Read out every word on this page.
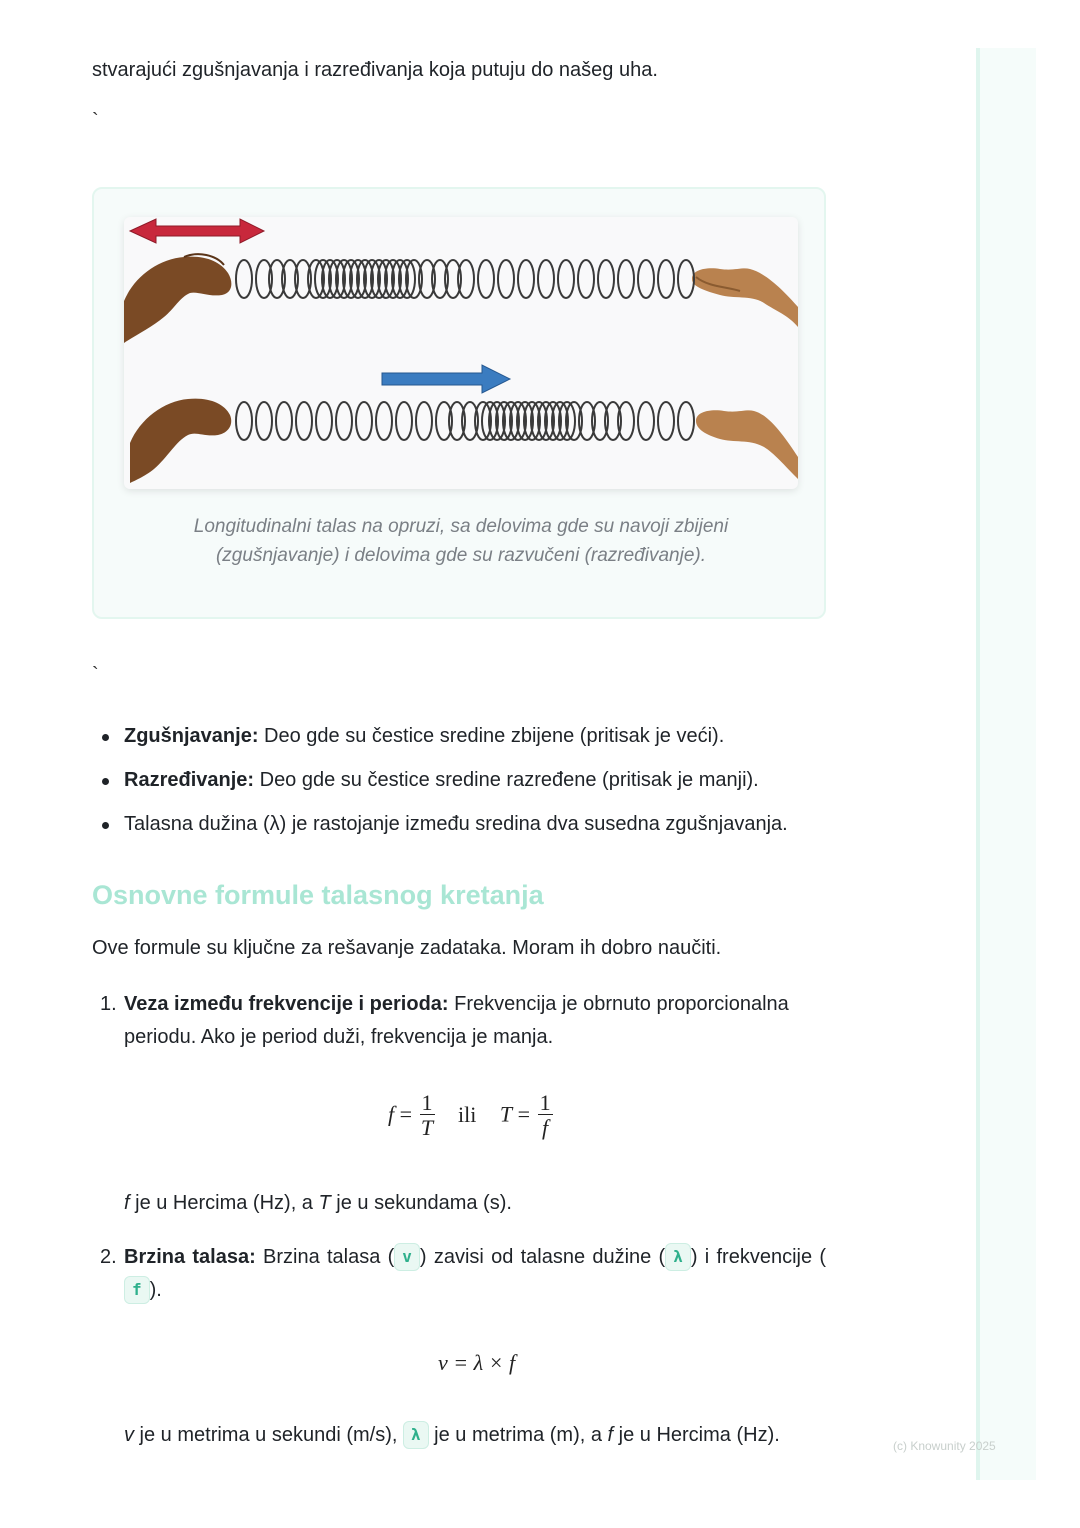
stvarajući zgušnjavanja i razređivanja koja putuju do našeg uha.

`
Longitudinalni talas na opruzi, sa delovima gde su navoji zbijeni (zgušnjavanje) i delovima gde su razvučeni (razređivanje).
`
Zgušnjavanje: Deo gde su čestice sredine zbijene (pritisak je veći).
Razređivanje: Deo gde su čestice sredine razređene (pritisak je manji).
Talasna dužina (λ) je rastojanje između sredina dva susedna zgušnjavanja.
Osnovne formule talasnog kretanja

Ove formule su ključne za rešavanje zadataka. Moram ih dobro naučiti.

1. Veza između frekvencije i perioda: Frekvencija je obrnuto proporcionalna periodu. Ako je period duži, frekvencija je manja.
$f = \frac{1}{T}$ ili $T = \frac{1}{f}$

f je u Hercima (Hz), a T je u sekundama (s).

2. Brzina talasa: Brzina talasa ( v ) zavisi od talasne dužine ( λ ) i frekvencije (f ).
v = λ × f

v je u metrima u sekundi (m/s), λ je u metrima (m), a f je u Hercima (Hz).	(c) Knowunity 2025
